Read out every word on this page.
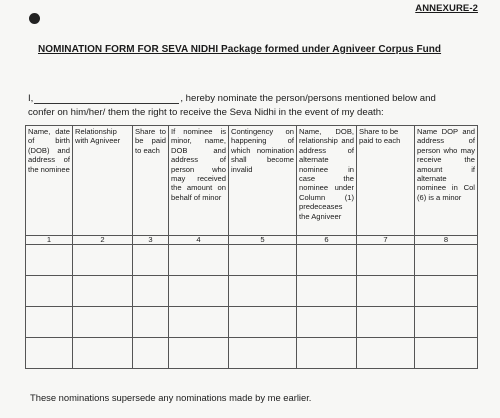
ANNEXURE-2
NOMINATION FORM FOR SEVA NIDHI Package formed under Agniveer Corpus Fund
I,	, hereby nominate the person/persons mentioned below and
confer on him/her/ them the right to receive the Seva Nidhi in the event of my death:
Name, date of birth (DOB) and address of the nominee	Relationship with Agniveer	Share to be paid to each	If nominee is minor, name, DOB and address of person who may received the amount on behalf of minor	Contingency on happening of which nomination shall become invalid	Name, DOB, relationship and address of alternate nominee in case the nominee under Column (1) predeceases the Agniveer	Share to be paid to each	Name DOP and address of person who may receive the amount if alternate nominee in Col (6) is a minor
1	2	3	4	5	6	7	8

These nominations supersede any nominations made by me earlier.
